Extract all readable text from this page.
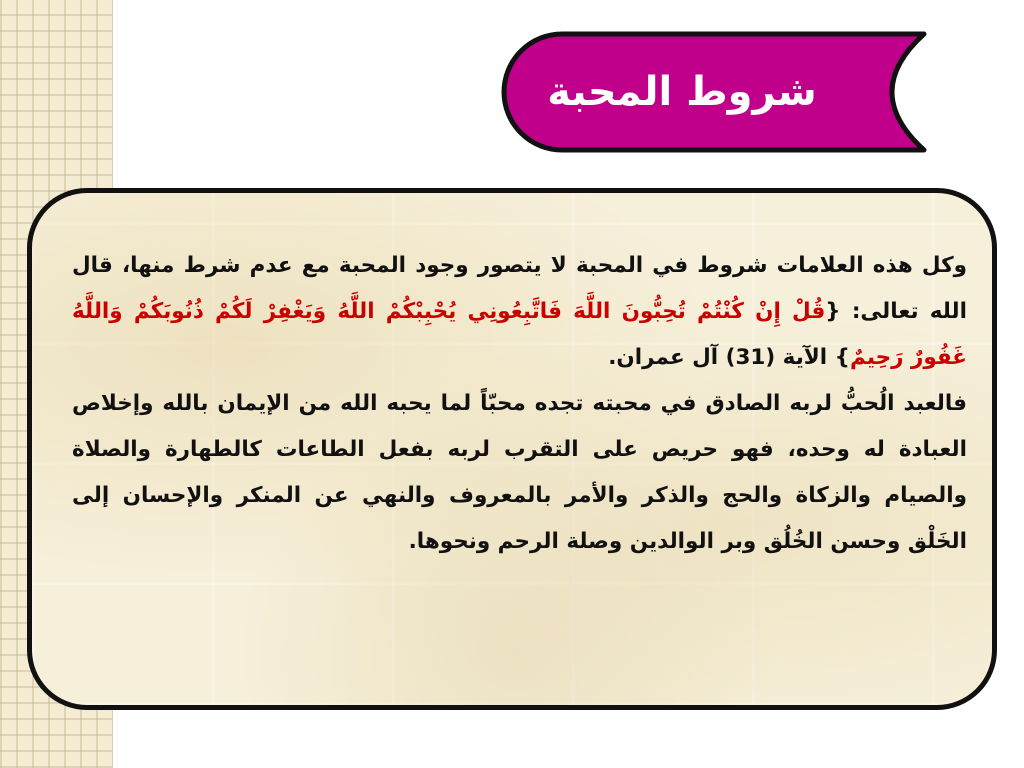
شروط المحبة

وكل هذه العلامات شروط في المحبة لا يتصور وجود المحبة مع عدم شرط منها، قال الله تعالى: {قُلْ إِنْ كُنْتُمْ تُحِبُّونَ اللَّهَ فَاتَّبِعُونِي يُحْبِبْكُمْ اللَّهُ وَيَغْفِرْ لَكُمْ ذُنُوبَكُمْ وَاللَّهُ غَفُورٌ رَحِيمٌ} الآية (31) آل عمران.
فالعبد الُحبُّ لربه الصادق في محبته تجده محبّاً لما يحبه الله من الإيمان بالله وإخلاص العبادة له وحده، فهو حريص على التقرب لربه بفعل الطاعات كالطهارة والصلاة والصيام والزكاة والحج والذكر والأمر بالمعروف والنهي عن المنكر والإحسان إلى الخَلْق وحسن الخُلُق وبر الوالدين وصلة الرحم ونحوها.
